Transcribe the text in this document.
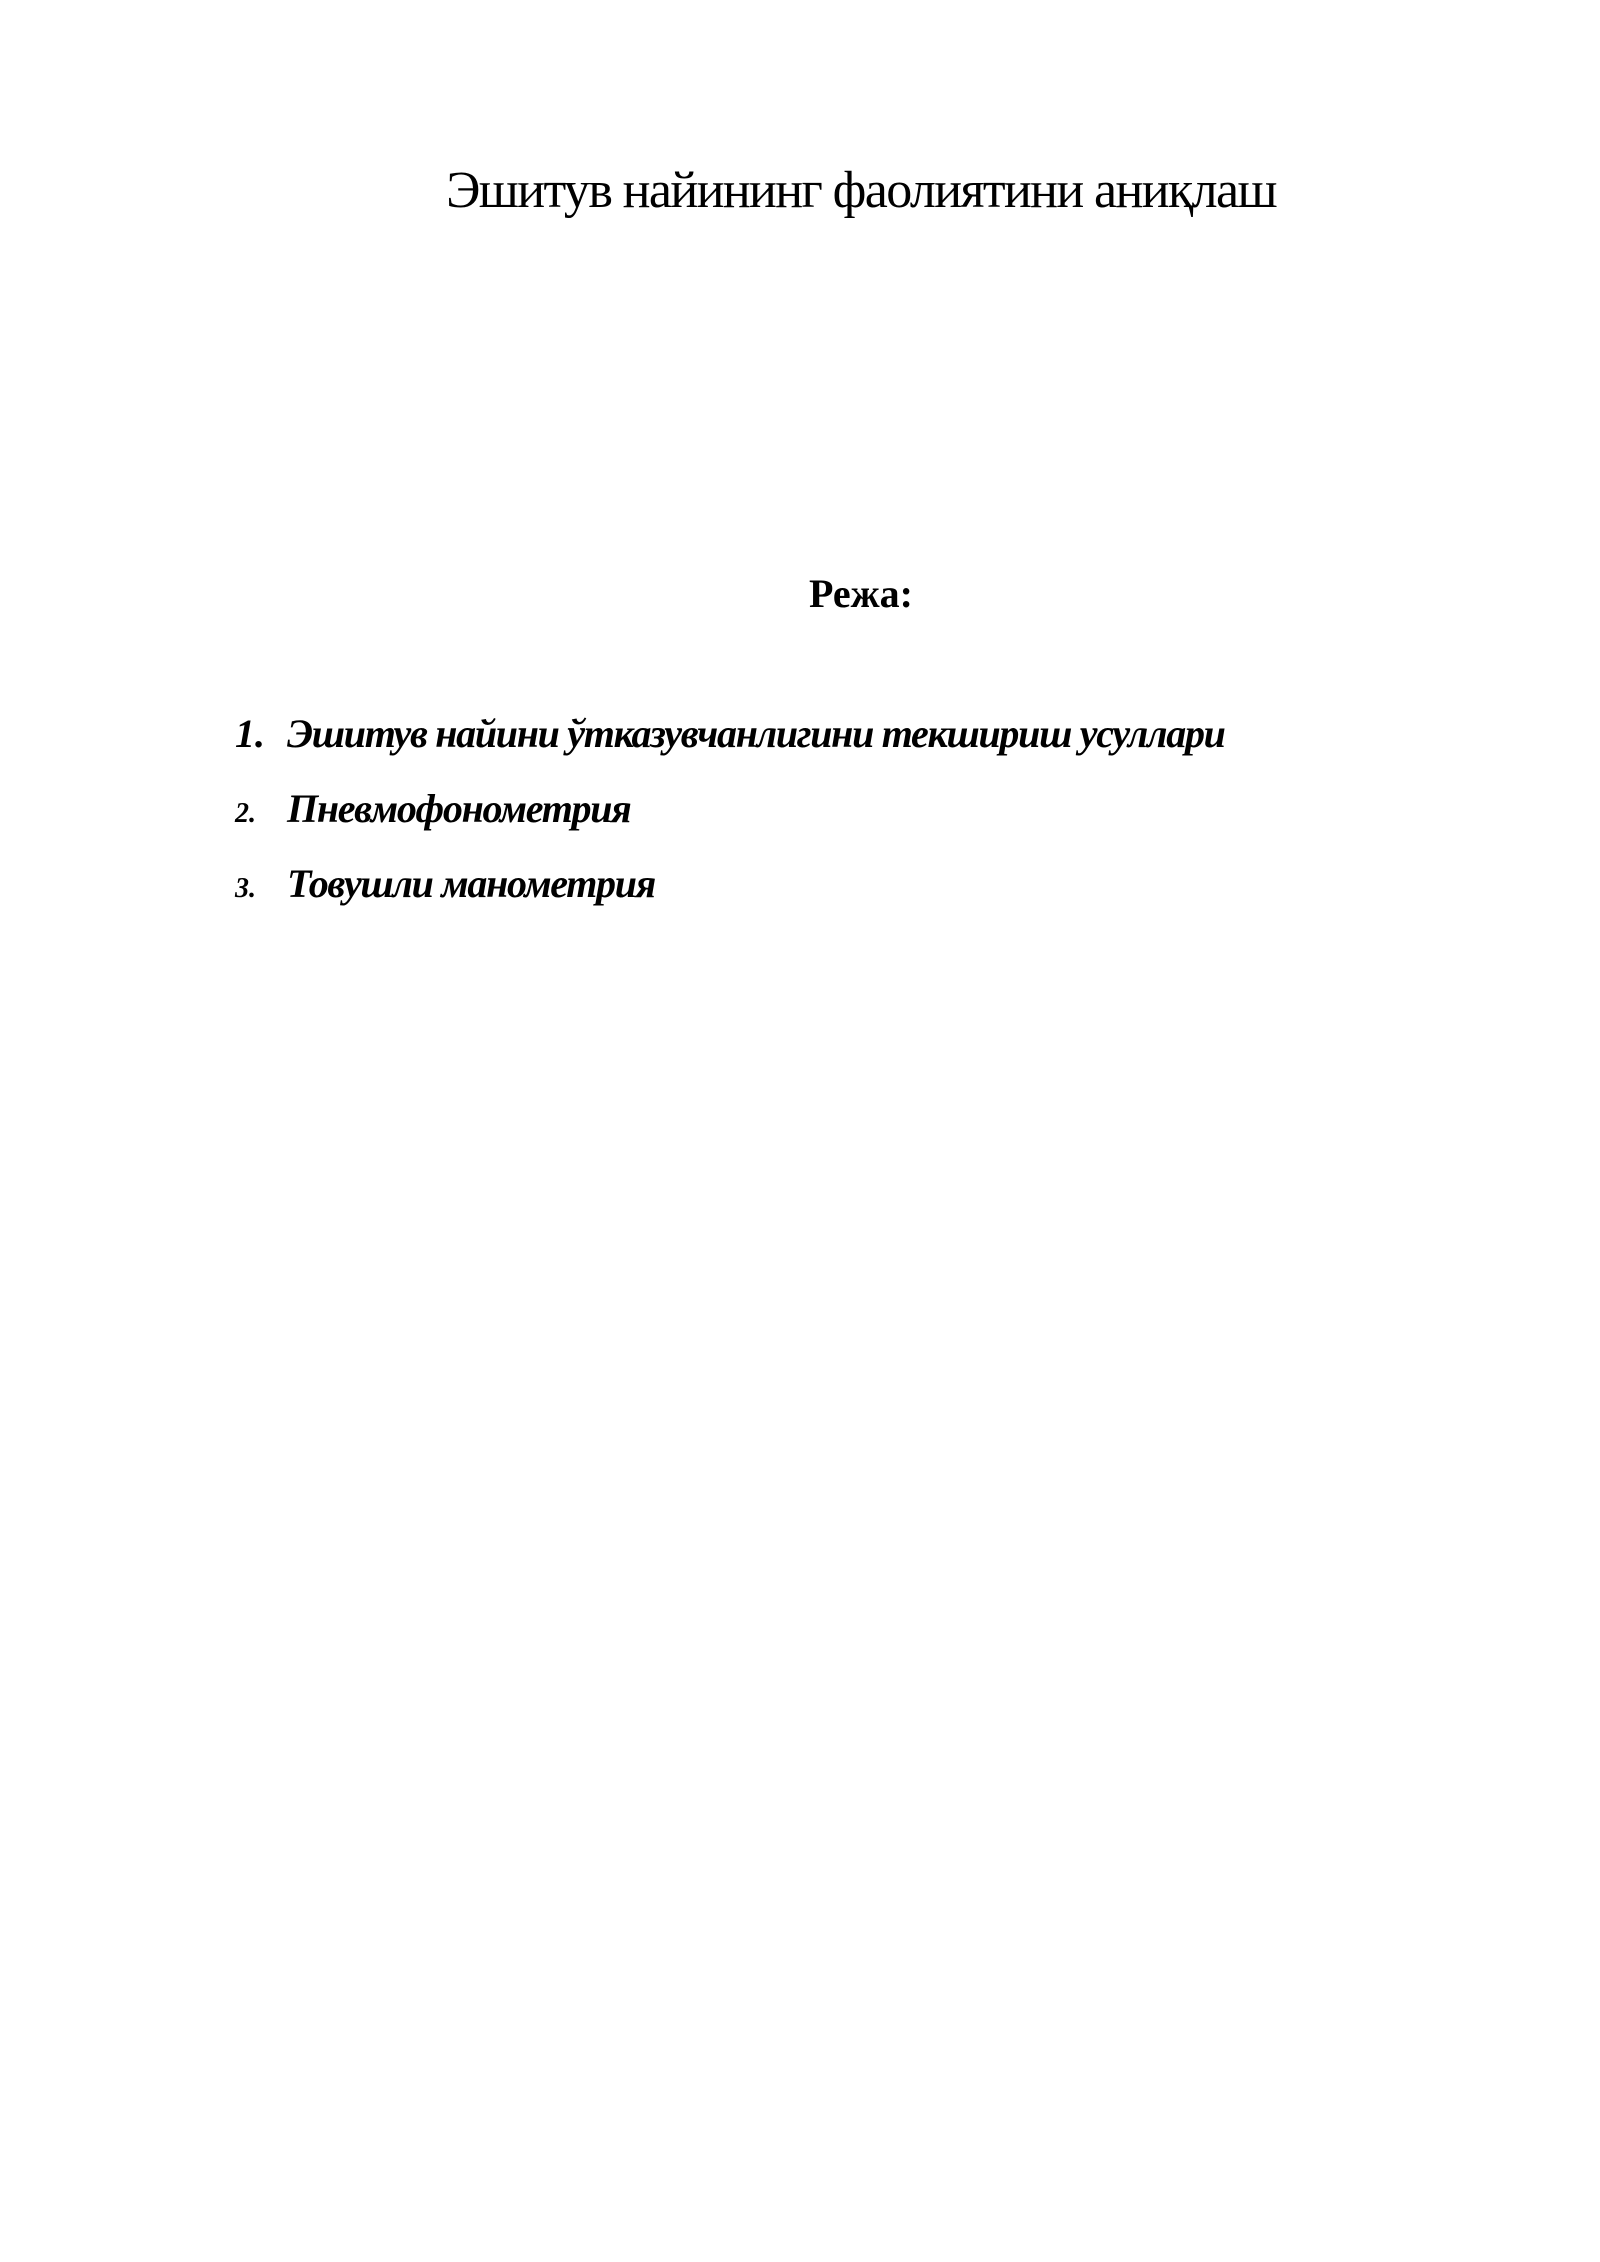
Эшитув найининг фаолиятини аниқлаш
Режа:
1. Эшитув найини ўтказувчанлигини текшириш усуллари
2. Пневмофонометрия
3. Товушли манометрия
